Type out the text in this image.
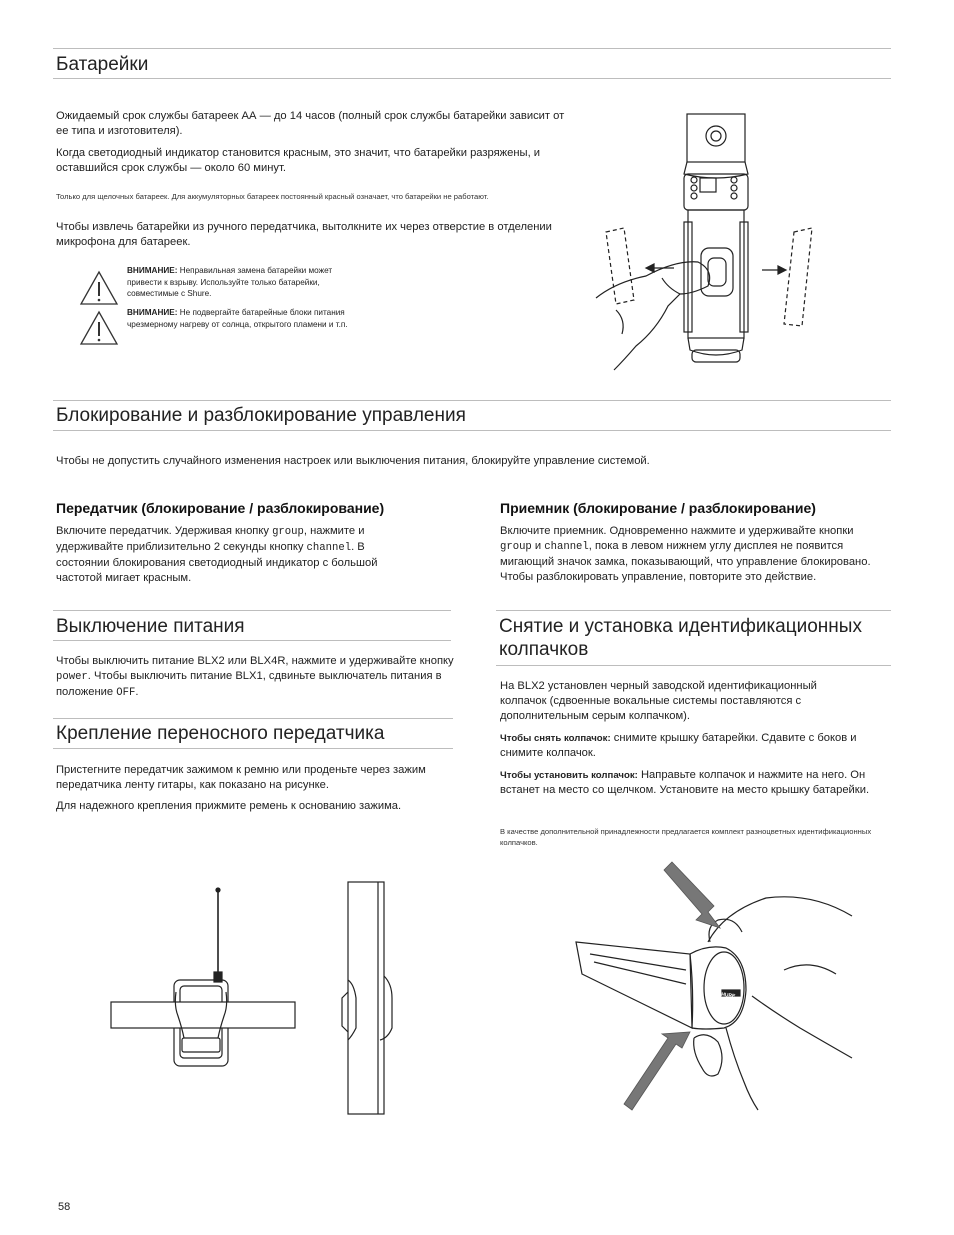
Батарейки
Ожидаемый срок службы батареек АА — до 14 часов (полный срок службы батарейки зависит от ее типа и изготовителя).
Когда светодиодный индикатор становится красным, это значит, что батарейки разряжены, и оставшийся срок службы — около 60 минут.
Только для щелочных батареек. Для аккумуляторных батареек постоянный красный означает, что батарейки не работают.
Чтобы извлечь батарейки из ручного передатчика, вытолкните их через отверстие в отделении микрофона для батареек.
ВНИМАНИЕ: Неправильная замена батарейки может привести к взрыву. Используйте только батарейки, совместимые с Shure.
ВНИМАНИЕ: Не подвергайте батарейные блоки питания чрезмерному нагреву от солнца, открытого пламени и т.п.
Блокирование и разблокирование управления
Чтобы не допустить случайного изменения настроек или выключения питания, блокируйте управление системой.
Передатчик (блокирование / разблокирование)
Включите передатчик. Удерживая кнопку group, нажмите и удерживайте приблизительно 2 секунды кнопку channel. В состоянии блокирования светодиодный индикатор с большой частотой мигает красным.
Приемник (блокирование / разблокирование)
Включите приемник. Одновременно нажмите и удерживайте кнопки group и channel, пока в левом нижнем углу дисплея не появится мигающий значок замка, показывающий, что управление блокировано. Чтобы разблокировать управление, повторите это действие.
Выключение питания
Чтобы выключить питание BLX2 или BLX4R, нажмите и удерживайте кнопку power. Чтобы выключить питание BLX1, сдвиньте выключатель питания в положение OFF.
Крепление переносного передатчика
Пристегните передатчик зажимом к ремню или проденьте через зажим передатчика ленту гитары, как показано на рисунке.
Для надежного крепления прижмите ремень к основанию зажима.
Снятие и установка идентификационных колпачков
На BLX2 установлен черный заводской идентификационный колпачок (сдвоенные вокальные системы поставляются с дополнительным серым колпачком).
Чтобы снять колпачок: снимите крышку батарейки. Сдавите с боков и снимите колпачок.
Чтобы установить колпачок: Направьте колпачок и нажмите на него. Он встанет на место со щелчком. Установите на место крышку батарейки.
В качестве дополнительной принадлежности предлагается комплект разноцветных идентификационных колпачков.
SHURE
58
